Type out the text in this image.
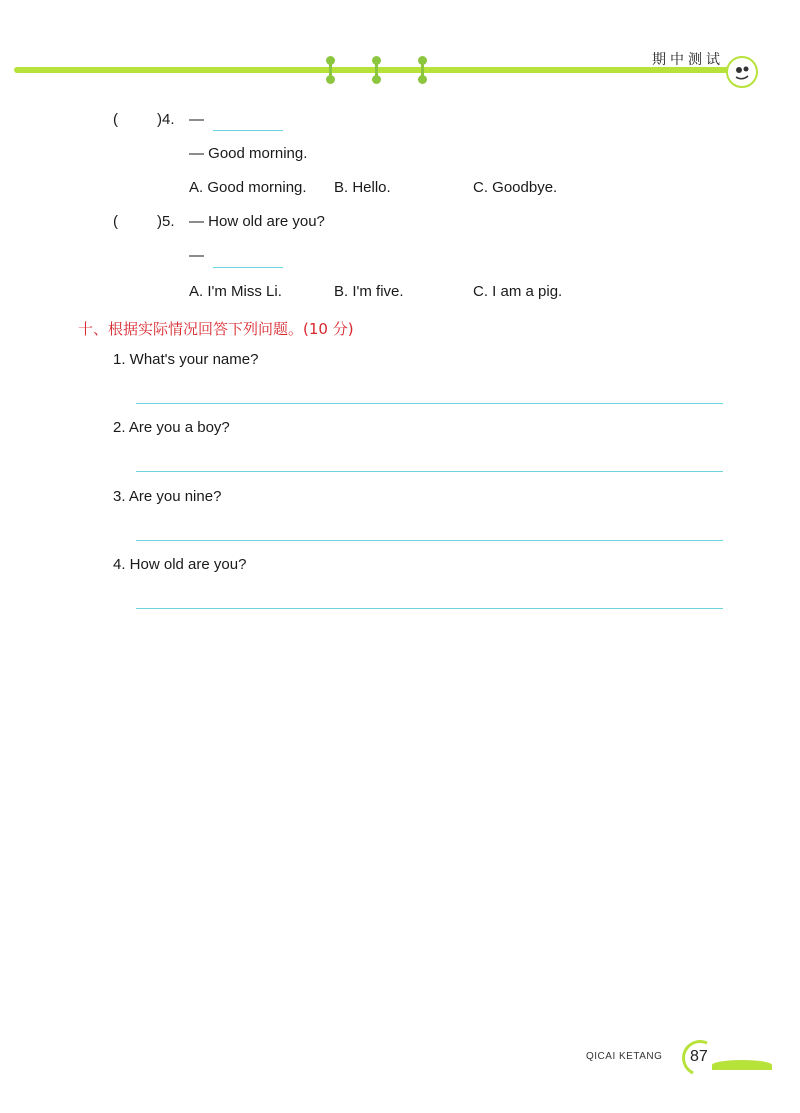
期中测试
(	)4. —
— Good morning.
A. Good morning. B. Hello.	C. Goodbye.
(	)5. — How old are you?
—
A. I'm Miss Li.	B. I'm five.	C. I am a pig.
十、根据实际情况回答下列问题。(10 分)
1. What's your name?
2. Are you a boy?
3. Are you nine?
4. How old are you?
QICAI KETANG 87
